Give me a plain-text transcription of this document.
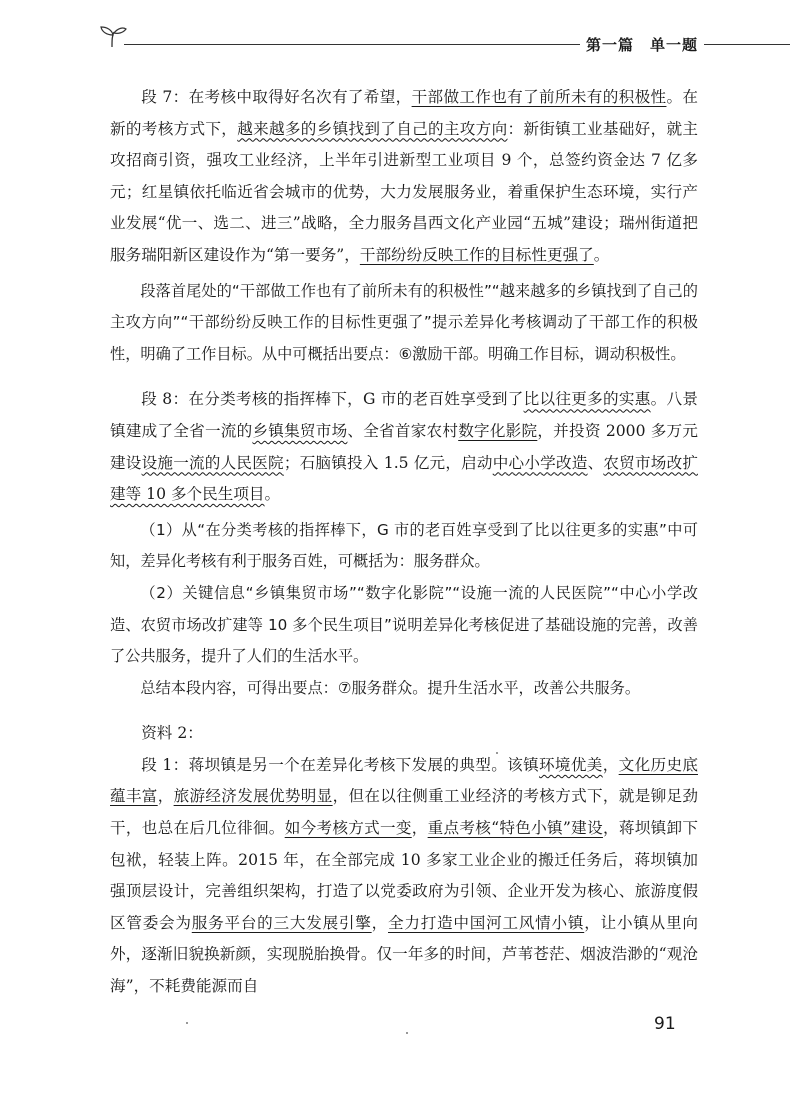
第一篇　单一题

段 7：在考核中取得好名次有了希望，干部做工作也有了前所未有的积极性。在新的考核方式下，越来越多的乡镇找到了自己的主攻方向：新街镇工业基础好，就主攻招商引资，强攻工业经济，上半年引进新型工业项目 9 个，总签约资金达 7 亿多元；红星镇依托临近省会城市的优势，大力发展服务业，着重保护生态环境，实行产业发展“优一、选二、进三”战略，全力服务昌西文化产业园“五城”建设；瑞州街道把服务瑞阳新区建设作为“第一要务”，干部纷纷反映工作的目标性更强了。

段落首尾处的“干部做工作也有了前所未有的积极性”“越来越多的乡镇找到了自己的主攻方向”“干部纷纷反映工作的目标性更强了”提示差异化考核调动了干部工作的积极性，明确了工作目标。从中可概括出要点：⑥激励干部。明确工作目标，调动积极性。

段 8：在分类考核的指挥棒下，G 市的老百姓享受到了比以往更多的实惠。八景镇建成了全省一流的乡镇集贸市场、全省首家农村数字化影院，并投资 2000 多万元建设设施一流的人民医院；石脑镇投入 1.5 亿元，启动中心小学改造、农贸市场改扩建等 10 多个民生项目。

（1）从“在分类考核的指挥棒下，G 市的老百姓享受到了比以往更多的实惠”中可知，差异化考核有利于服务百姓，可概括为：服务群众。

（2）关键信息“乡镇集贸市场”“数字化影院”“设施一流的人民医院”“中心小学改造、农贸市场改扩建等 10 多个民生项目”说明差异化考核促进了基础设施的完善，改善了公共服务，提升了人们的生活水平。

总结本段内容，可得出要点：⑦服务群众。提升生活水平，改善公共服务。

资料 2：

段 1：蒋坝镇是另一个在差异化考核下发展的典型。该镇环境优美，文化历史底蕴丰富，旅游经济发展优势明显，但在以往侧重工业经济的考核方式下，就是铆足劲干，也总在后几位徘徊。如今考核方式一变，重点考核“特色小镇”建设，蒋坝镇卸下包袱，轻装上阵。2015 年，在全部完成 10 多家工业企业的搬迁任务后，蒋坝镇加强顶层设计，完善组织架构，打造了以党委政府为引领、企业开发为核心、旅游度假区管委会为服务平台的三大发展引擎，全力打造中国河工风情小镇，让小镇从里向外，逐渐旧貌换新颜，实现脱胎换骨。仅一年多的时间，芦苇苍茫、烟波浩渺的“观沧海”，不耗费能源而自

91
